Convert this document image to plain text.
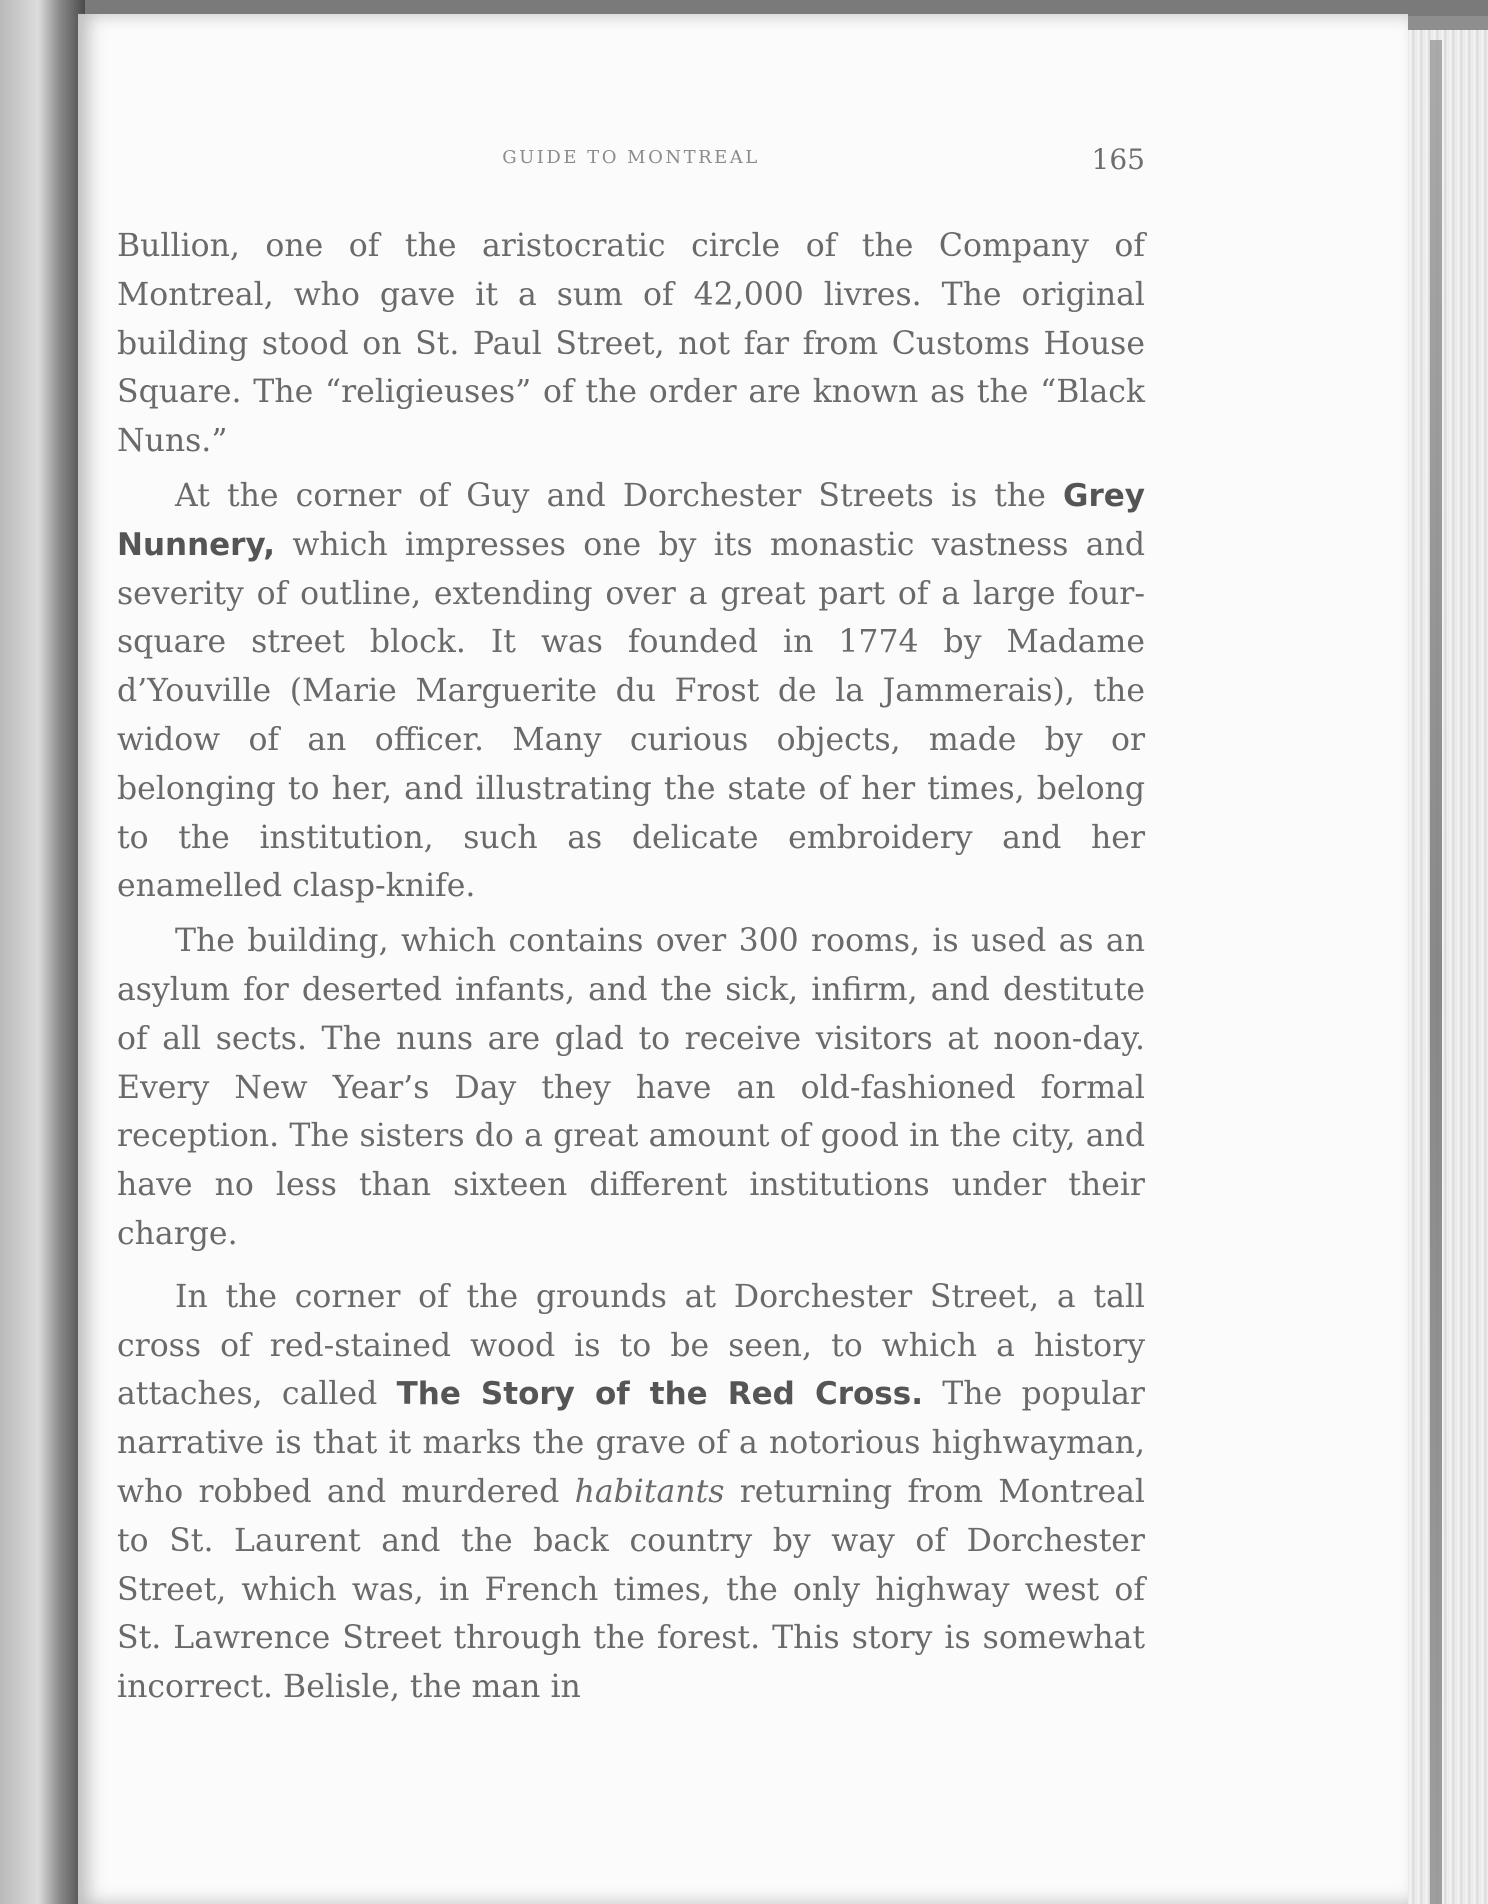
GUIDE TO MONTREAL	165

Bullion, one of the aristocratic circle of the Company of Montreal, who gave it a sum of 42,000 livres. The original building stood on St. Paul Street, not far from Customs House Square. The “religieuses” of the order are known as the “Black Nuns.”

At the corner of Guy and Dorchester Streets is the Grey Nunnery, which impresses one by its monastic vastness and severity of outline, extending over a great part of a large four-square street block. It was founded in 1774 by Madame d’Youville (Marie Marguerite du Frost de la Jammerais), the widow of an officer. Many curious objects, made by or belonging to her, and illustrating the state of her times, belong to the institution, such as delicate embroidery and her enamelled clasp-knife.

The building, which contains over 300 rooms, is used as an asylum for deserted infants, and the sick, infirm, and destitute of all sects. The nuns are glad to receive visitors at noon-day. Every New Year’s Day they have an old-fashioned formal reception. The sisters do a great amount of good in the city, and have no less than sixteen different institutions under their charge.

In the corner of the grounds at Dorchester Street, a tall cross of red-stained wood is to be seen, to which a history attaches, called The Story of the Red Cross. The popular narrative is that it marks the grave of a notorious highwayman, who robbed and murdered habitants returning from Montreal to St. Laurent and the back country by way of Dorchester Street, which was, in French times, the only highway west of St. Lawrence Street through the forest. This story is somewhat incorrect. Belisle, the man in
